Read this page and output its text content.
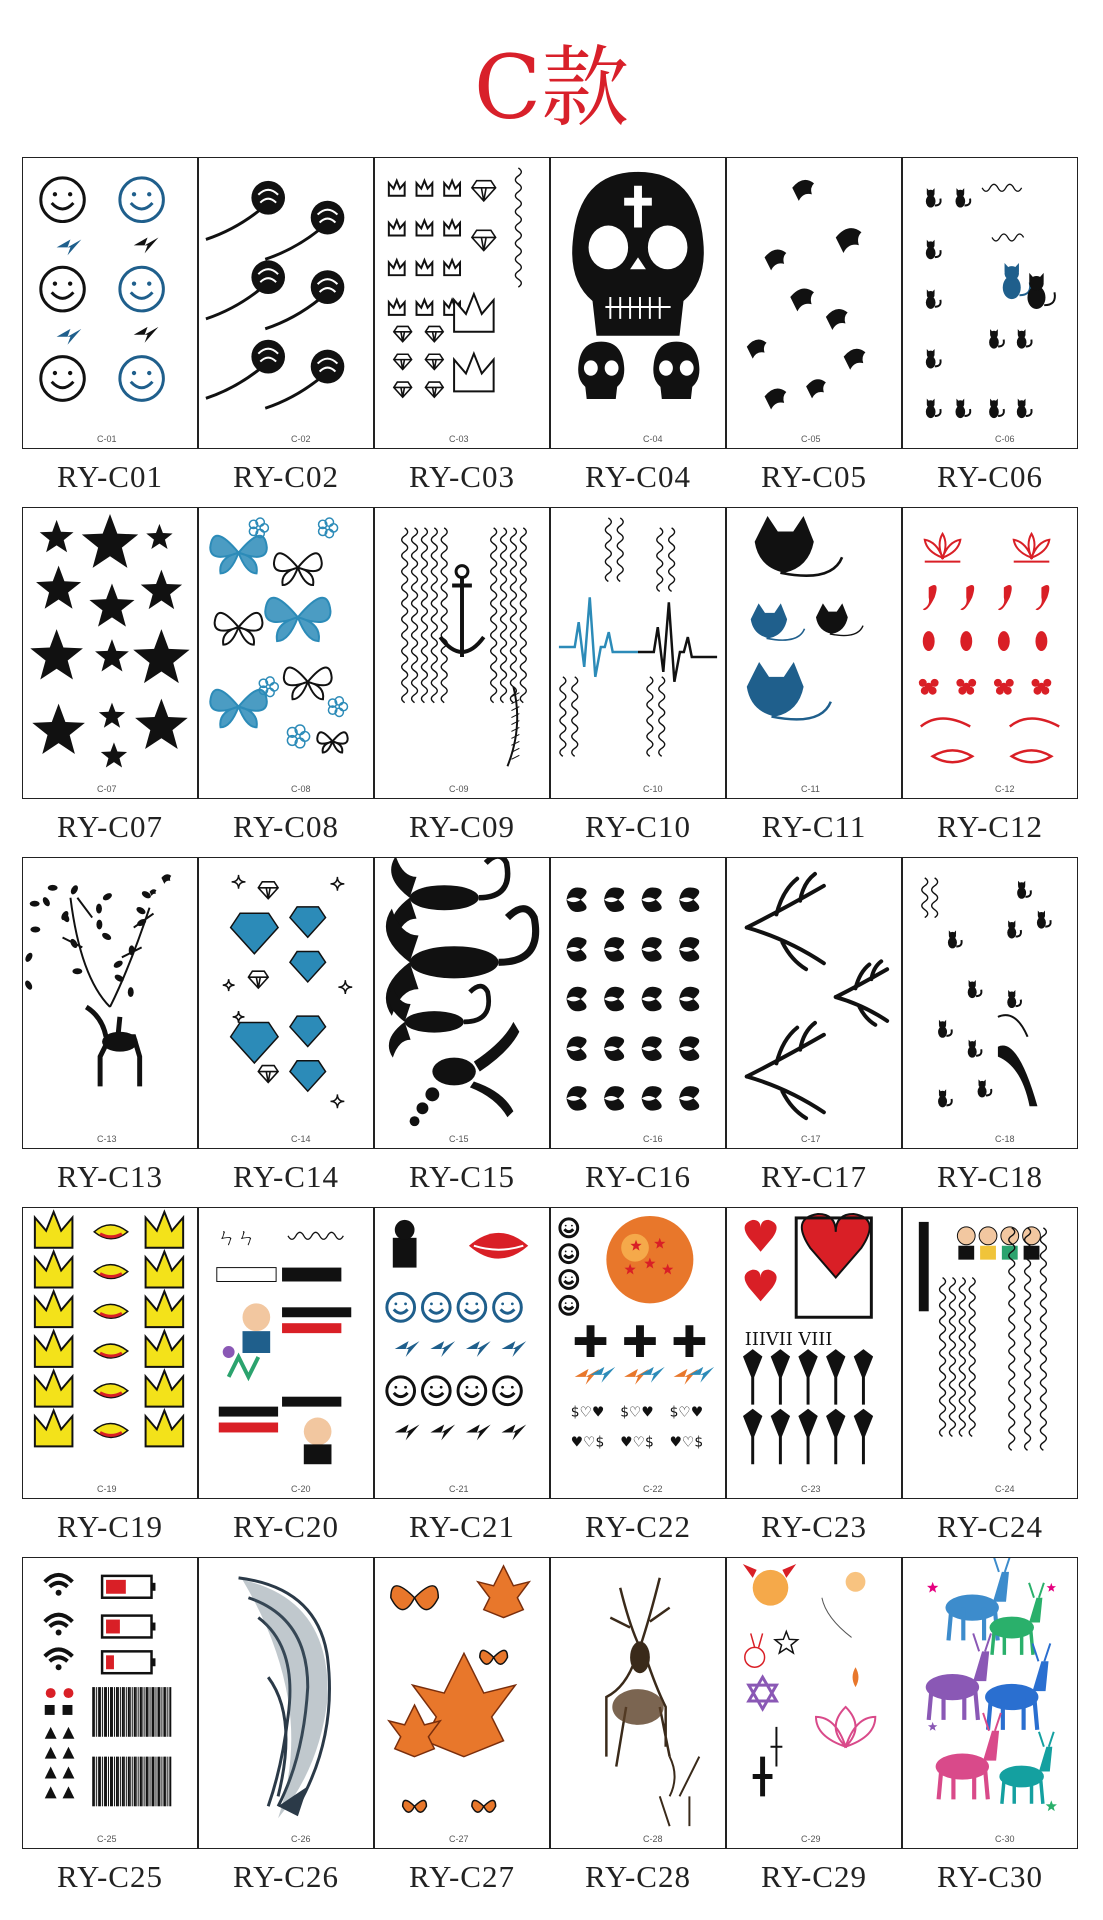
C款
C-01
RY-C01
C-02
RY-C02
C-03
RY-C03
C-04
RY-C04
C-05
RY-C05
C-06
RY-C06
C-07
RY-C07
C-08
RY-C08
C-09
RY-C09
C-10
RY-C10
C-11
RY-C11
C-12
RY-C12
C-13
RY-C13
C-14
RY-C14
C-15
RY-C15
C-16
RY-C16
C-17
RY-C17
C-18
RY-C18
C-19
RY-C19
ㄣㄣ
C-20
RY-C20
C-21
RY-C21
$♡♥
♥♡$
$♡♥
♥♡$
$♡♥
♥♡$
C-22
RY-C22
IIIVII VIII
C-23
RY-C23
C-24
RY-C24
C-25
RY-C25
C-26
RY-C26
C-27
RY-C27
C-28
RY-C28
C-29
RY-C29
C-30
RY-C30
